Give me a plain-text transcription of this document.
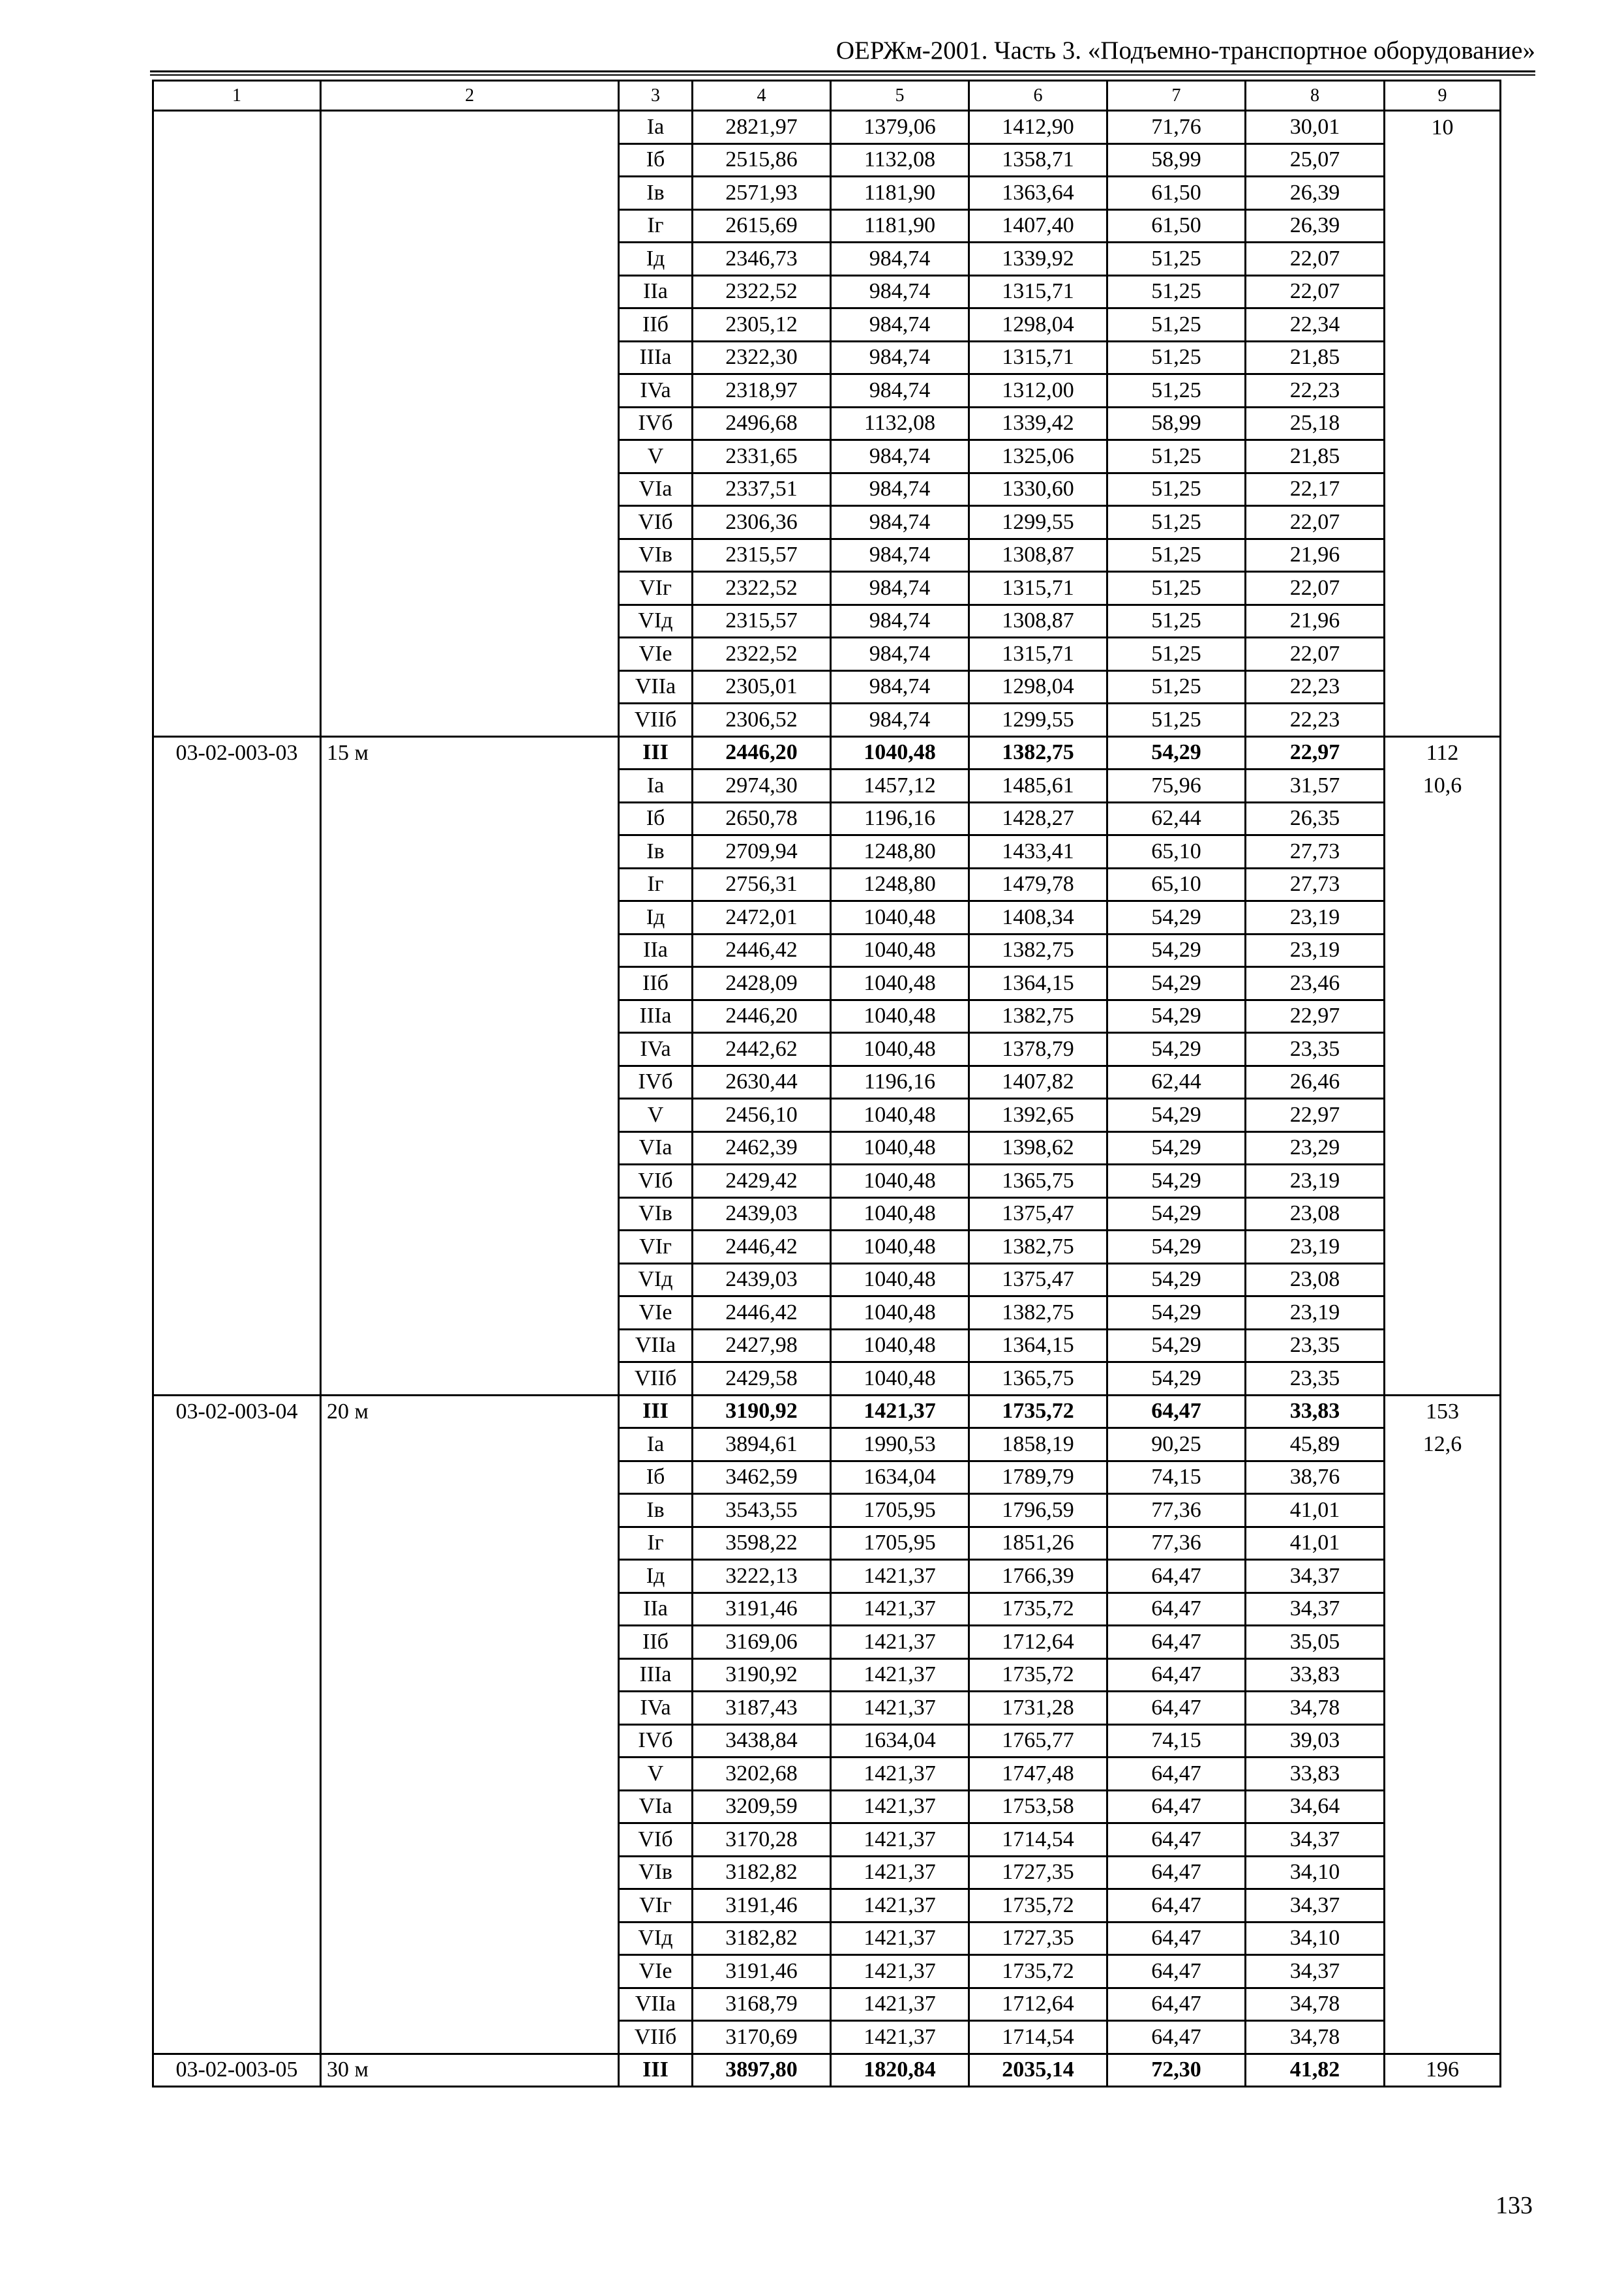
ОЕРЖм-2001. Часть 3. «Подъемно-транспортное оборудование»
1	2	3	4	5	6	7	8	9
		Ia	2821,97	1379,06	1412,90	71,76	30,01	10
		Iб	2515,86	1132,08	1358,71	58,99	25,07	
		Iв	2571,93	1181,90	1363,64	61,50	26,39	
		Iг	2615,69	1181,90	1407,40	61,50	26,39	
		Iд	2346,73	984,74	1339,92	51,25	22,07	
		IIa	2322,52	984,74	1315,71	51,25	22,07	
		IIб	2305,12	984,74	1298,04	51,25	22,34	
		IIIa	2322,30	984,74	1315,71	51,25	21,85	
		IVa	2318,97	984,74	1312,00	51,25	22,23	
		IVб	2496,68	1132,08	1339,42	58,99	25,18	
		V	2331,65	984,74	1325,06	51,25	21,85	
		VIa	2337,51	984,74	1330,60	51,25	22,17	
		VIб	2306,36	984,74	1299,55	51,25	22,07	
		VIв	2315,57	984,74	1308,87	51,25	21,96	
		VIг	2322,52	984,74	1315,71	51,25	22,07	
		VIд	2315,57	984,74	1308,87	51,25	21,96	
		VIe	2322,52	984,74	1315,71	51,25	22,07	
		VIIa	2305,01	984,74	1298,04	51,25	22,23	
		VIIб	2306,52	984,74	1299,55	51,25	22,23	
03-02-003-03	15 м	III	2446,20	1040,48	1382,75	54,29	22,97	112
		Ia	2974,30	1457,12	1485,61	75,96	31,57	10,6
		Iб	2650,78	1196,16	1428,27	62,44	26,35	
		Iв	2709,94	1248,80	1433,41	65,10	27,73	
		Iг	2756,31	1248,80	1479,78	65,10	27,73	
		Iд	2472,01	1040,48	1408,34	54,29	23,19	
		IIa	2446,42	1040,48	1382,75	54,29	23,19	
		IIб	2428,09	1040,48	1364,15	54,29	23,46	
		IIIa	2446,20	1040,48	1382,75	54,29	22,97	
		IVa	2442,62	1040,48	1378,79	54,29	23,35	
		IVб	2630,44	1196,16	1407,82	62,44	26,46	
		V	2456,10	1040,48	1392,65	54,29	22,97	
		VIa	2462,39	1040,48	1398,62	54,29	23,29	
		VIб	2429,42	1040,48	1365,75	54,29	23,19	
		VIв	2439,03	1040,48	1375,47	54,29	23,08	
		VIг	2446,42	1040,48	1382,75	54,29	23,19	
		VIд	2439,03	1040,48	1375,47	54,29	23,08	
		VIe	2446,42	1040,48	1382,75	54,29	23,19	
		VIIa	2427,98	1040,48	1364,15	54,29	23,35	
		VIIб	2429,58	1040,48	1365,75	54,29	23,35	
03-02-003-04	20 м	III	3190,92	1421,37	1735,72	64,47	33,83	153
		Ia	3894,61	1990,53	1858,19	90,25	45,89	12,6
		Iб	3462,59	1634,04	1789,79	74,15	38,76	
		Iв	3543,55	1705,95	1796,59	77,36	41,01	
		Iг	3598,22	1705,95	1851,26	77,36	41,01	
		Iд	3222,13	1421,37	1766,39	64,47	34,37	
		IIa	3191,46	1421,37	1735,72	64,47	34,37	
		IIб	3169,06	1421,37	1712,64	64,47	35,05	
		IIIa	3190,92	1421,37	1735,72	64,47	33,83	
		IVa	3187,43	1421,37	1731,28	64,47	34,78	
		IVб	3438,84	1634,04	1765,77	74,15	39,03	
		V	3202,68	1421,37	1747,48	64,47	33,83	
		VIa	3209,59	1421,37	1753,58	64,47	34,64	
		VIб	3170,28	1421,37	1714,54	64,47	34,37	
		VIв	3182,82	1421,37	1727,35	64,47	34,10	
		VIг	3191,46	1421,37	1735,72	64,47	34,37	
		VIд	3182,82	1421,37	1727,35	64,47	34,10	
		VIe	3191,46	1421,37	1735,72	64,47	34,37	
		VIIa	3168,79	1421,37	1712,64	64,47	34,78	
		VIIб	3170,69	1421,37	1714,54	64,47	34,78	
03-02-003-05	30 м	III	3897,80	1820,84	2035,14	72,30	41,82	196
133
